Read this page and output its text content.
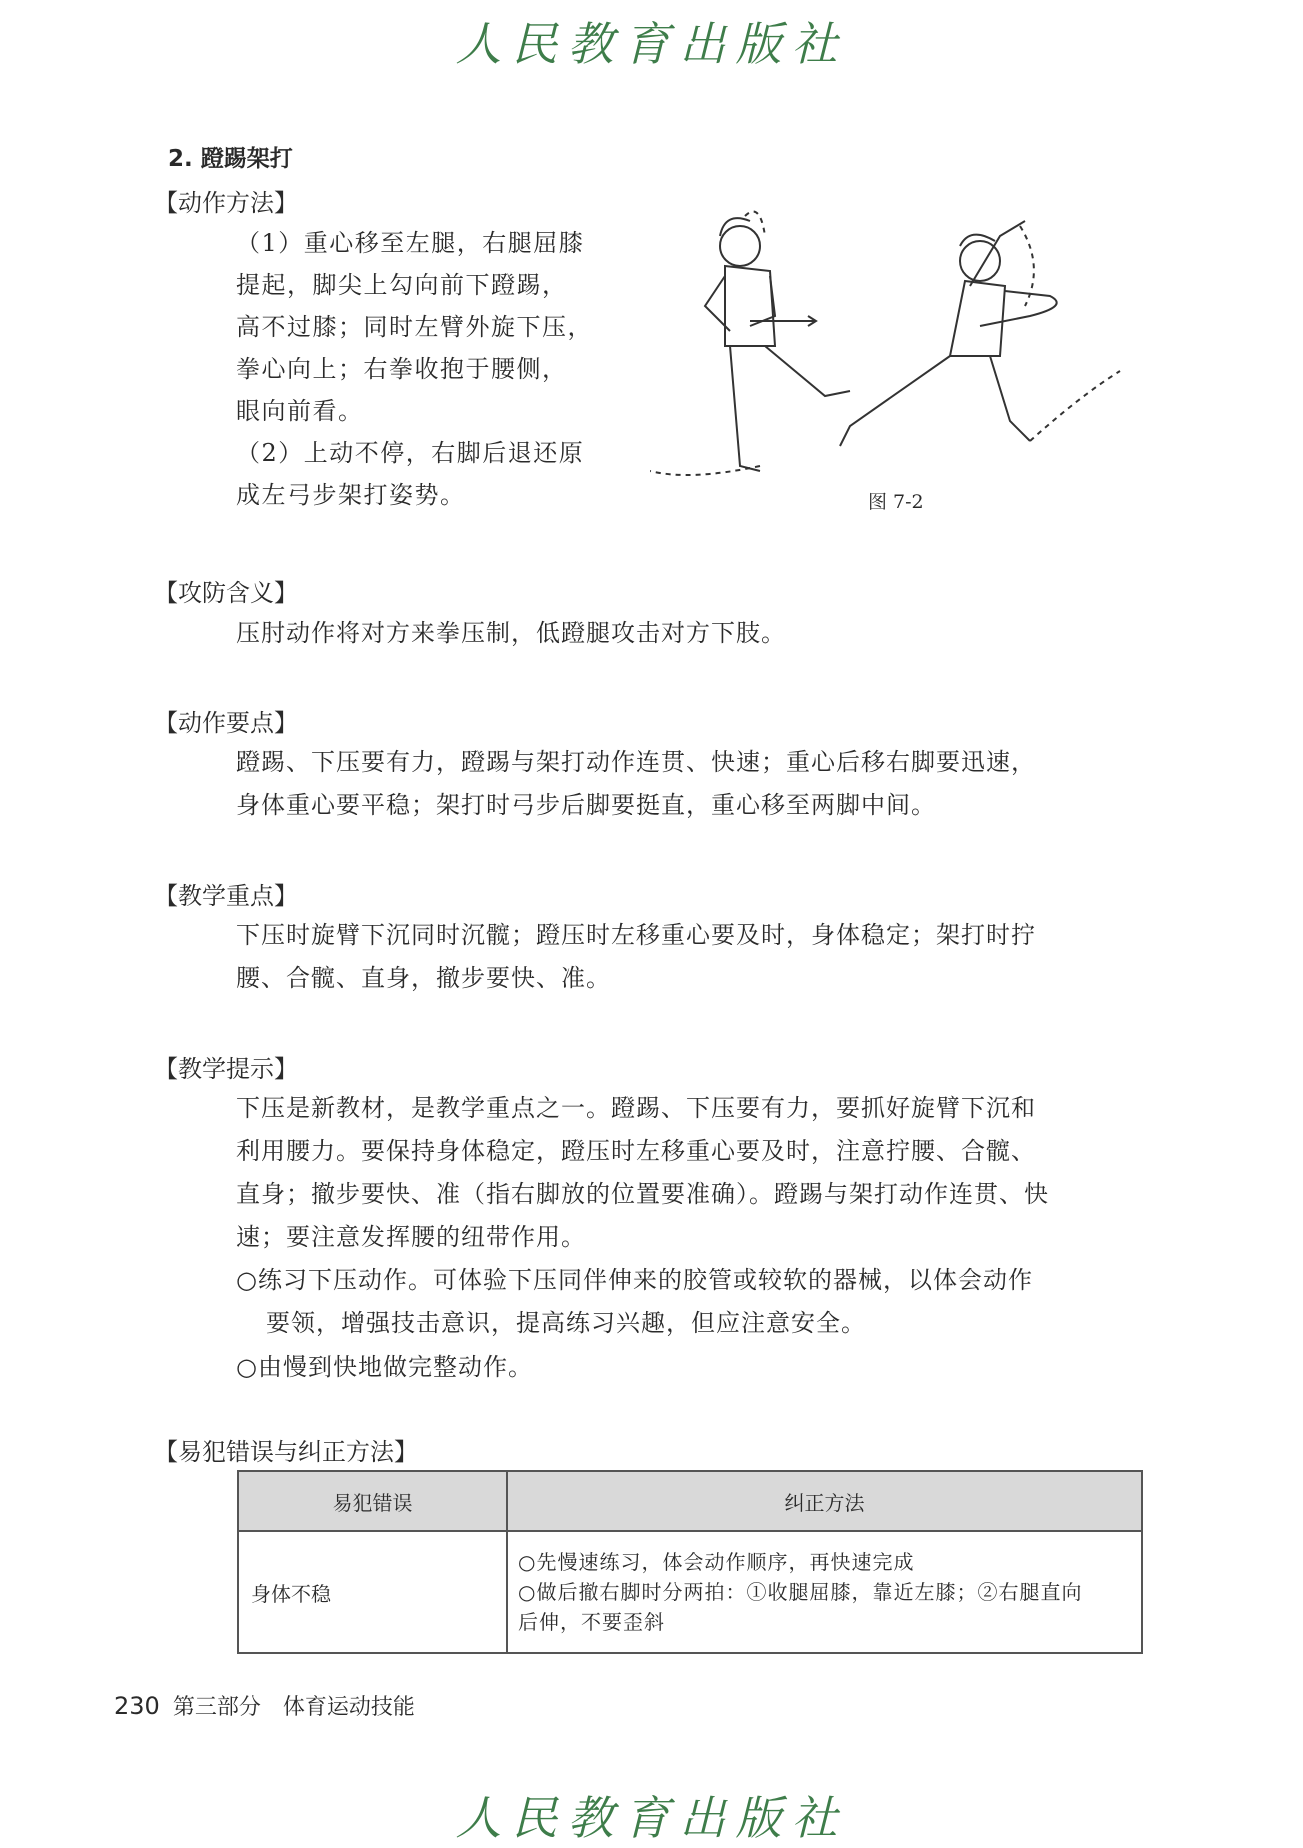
人民教育出版社
2. 蹬踢架打
【动作方法】
（1）重心移至左腿，右腿屈膝
提起，脚尖上勾向前下蹬踢，
高不过膝；同时左臂外旋下压，
拳心向上；右拳收抱于腰侧，
眼向前看。
（2）上动不停，右脚后退还原
成左弓步架打姿势。	图 7-2
【攻防含义】
压肘动作将对方来拳压制，低蹬腿攻击对方下肢。
【动作要点】
蹬踢、下压要有力，蹬踢与架打动作连贯、快速；重心后移右脚要迅速，
身体重心要平稳；架打时弓步后脚要挺直，重心移至两脚中间。
【教学重点】
下压时旋臂下沉同时沉髋；蹬压时左移重心要及时，身体稳定；架打时拧
腰、合髋、直身，撤步要快、准。
【教学提示】
下压是新教材，是教学重点之一。蹬踢、下压要有力，要抓好旋臂下沉和
利用腰力。要保持身体稳定，蹬压时左移重心要及时，注意拧腰、合髋、
直身；撤步要快、准（指右脚放的位置要准确）。蹬踢与架打动作连贯、快
速；要注意发挥腰的纽带作用。
○练习下压动作。可体验下压同伴伸来的胶管或较软的器械，以体会动作
要领，增强技击意识，提高练习兴趣，但应注意安全。
○由慢到快地做完整动作。
【易犯错误与纠正方法】
易犯错误	纠正方法
身体不稳	○先慢速练习，体会动作顺序，再快速完成
○做后撤右脚时分两拍：①收腿屈膝，靠近左膝；②右腿直向
后伸，不要歪斜
230 第三部分　体育运动技能
人民教育出版社
